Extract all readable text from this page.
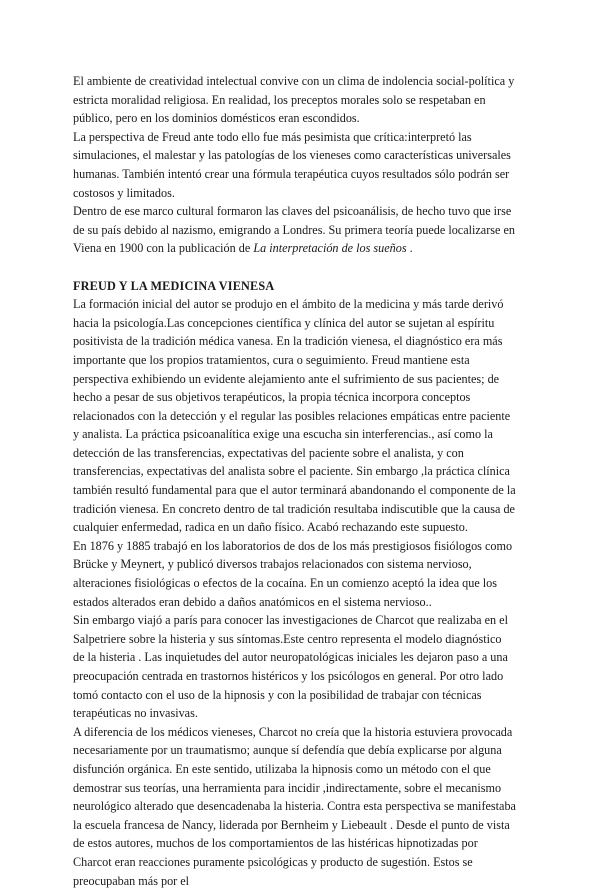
El ambiente de creatividad intelectual convive con un clima de indolencia social-política y estricta moralidad religiosa. En realidad, los preceptos morales solo se respetaban en público, pero en los dominios domésticos eran escondidos.

La perspectiva de Freud ante todo ello fue más pesimista que crítica:interpretó las simulaciones, el malestar y las patologías de los vieneses como características universales humanas. También intentó crear una fórmula terapéutica cuyos resultados sólo podrán ser costosos y limitados.

Dentro de ese marco cultural formaron las claves del psicoanálisis, de hecho tuvo que irse de su país debido al nazismo, emigrando a Londres. Su primera teoría puede localizarse en Viena en 1900 con la publicación de La interpretación de los sueños .

FREUD Y LA MEDICINA VIENESA

La formación inicial del autor se produjo en el ámbito de la medicina y más tarde derivó hacia la psicología.Las concepciones científica y clínica del autor se sujetan al espíritu positivista de la tradición médica vanesa. En la tradición vienesa, el diagnóstico era más importante que los propios tratamientos, cura o seguimiento. Freud mantiene esta perspectiva exhibiendo un evidente alejamiento ante el sufrimiento de sus pacientes; de hecho a pesar de sus objetivos terapéuticos, la propia técnica incorpora conceptos relacionados con la detección y el regular las posibles relaciones empáticas entre paciente y analista. La práctica psicoanalítica exige una escucha sin interferencias., así como la detección de las transferencias, expectativas del paciente sobre el analista, y con transferencias, expectativas del analista sobre el paciente. Sin embargo ,la práctica clínica también resultó fundamental para que el autor terminará abandonando el componente de la tradición vienesa. En concreto dentro de tal tradición resultaba indiscutible que la causa de cualquier enfermedad, radica en un daño físico. Acabó rechazando este supuesto.

En 1876 y 1885 trabajó en los laboratorios de dos de los más prestigiosos fisiólogos como Brücke y Meynert, y publicó diversos trabajos relacionados con sistema nervioso, alteraciones fisiológicas o efectos de la cocaína. En un comienzo aceptó la idea que los estados alterados eran debido a daños anatómicos en el sistema nervioso..

Sin embargo viajó a parís para conocer las investigaciones de Charcot que realizaba en el Salpetriere sobre la histeria y sus síntomas.Este centro representa el modelo diagnóstico de la histeria . Las inquietudes del autor neuropatológicas iniciales les dejaron paso a una preocupación centrada en trastornos histéricos y los psicólogos en general. Por otro lado tomó contacto con el uso de la hipnosis y con la posibilidad de trabajar con técnicas terapéuticas no invasivas.

A diferencia de los médicos vieneses, Charcot no creía que la historia estuviera provocada necesariamente por un traumatismo; aunque sí defendía que debía explicarse por alguna disfunción orgánica. En este sentido, utilizaba la hipnosis como un método con el que demostrar sus teorías, una herramienta para incidir ,indirectamente, sobre el mecanismo neurológico alterado que desencadenaba la histeria. Contra esta perspectiva se manifestaba la escuela francesa de Nancy, liderada por Bernheim y Liebeault . Desde el punto de vista de estos autores, muchos de los comportamientos de las histéricas hipnotizadas por Charcot eran reacciones puramente psicológicas y producto de sugestión. Estos se preocupaban más por el
